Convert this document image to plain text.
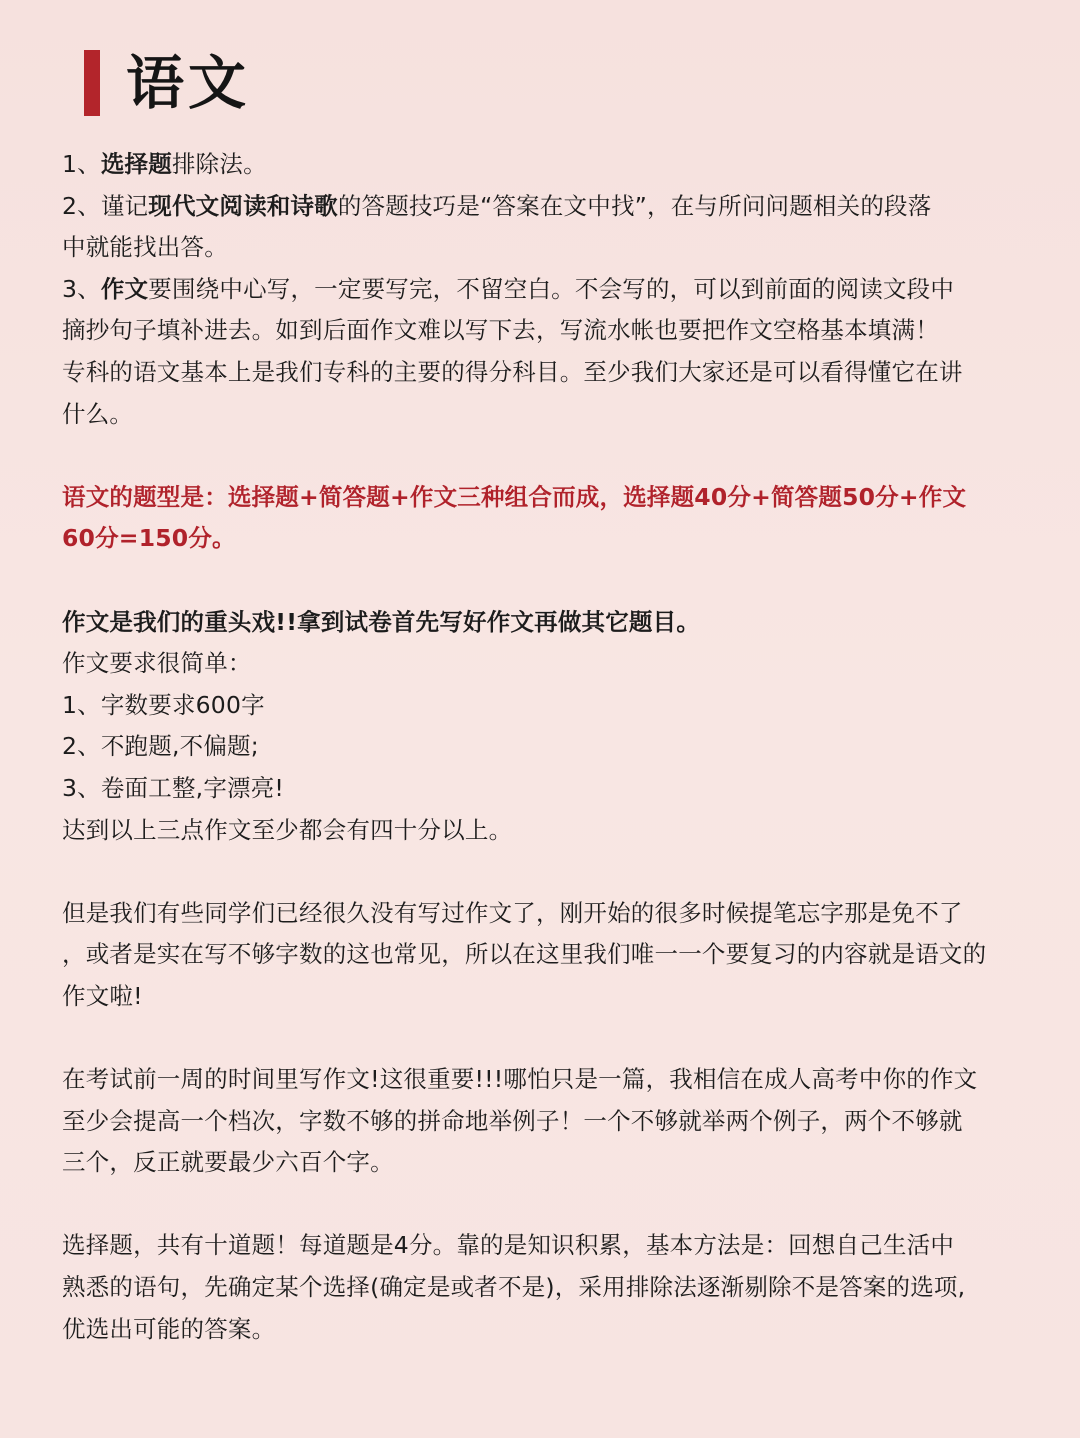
语文

1、选择题排除法。

2、谨记现代文阅读和诗歌的答题技巧是“答案在文中找”，在与所问问题相关的段落

中就能找出答。

3、作文要围绕中心写，一定要写完，不留空白。不会写的，可以到前面的阅读文段中

摘抄句子填补进去。如到后面作文难以写下去，写流水帐也要把作文空格基本填满！

专科的语文基本上是我们专科的主要的得分科目。至少我们大家还是可以看得懂它在讲

什么。

语文的题型是：选择题+简答题+作文三种组合而成，选择题40分+简答题50分+作文

60分=150分。

作文是我们的重头戏!!拿到试卷首先写好作文再做其它题目。

作文要求很简单：

1、字数要求600字

2、不跑题,不偏题;

3、卷面工整,字漂亮!

达到以上三点作文至少都会有四十分以上。

但是我们有些同学们已经很久没有写过作文了，刚开始的很多时候提笔忘字那是免不了

，或者是实在写不够字数的这也常见，所以在这里我们唯一一个要复习的内容就是语文的

作文啦!

在考试前一周的时间里写作文!这很重要!!!哪怕只是一篇，我相信在成人高考中你的作文

至少会提高一个档次，字数不够的拼命地举例子！一个不够就举两个例子，两个不够就

三个，反正就要最少六百个字。

选择题，共有十道题！每道题是4分。靠的是知识积累，基本方法是：回想自己生活中

熟悉的语句，先确定某个选择(确定是或者不是)，采用排除法逐渐剔除不是答案的选项,

优选出可能的答案。
